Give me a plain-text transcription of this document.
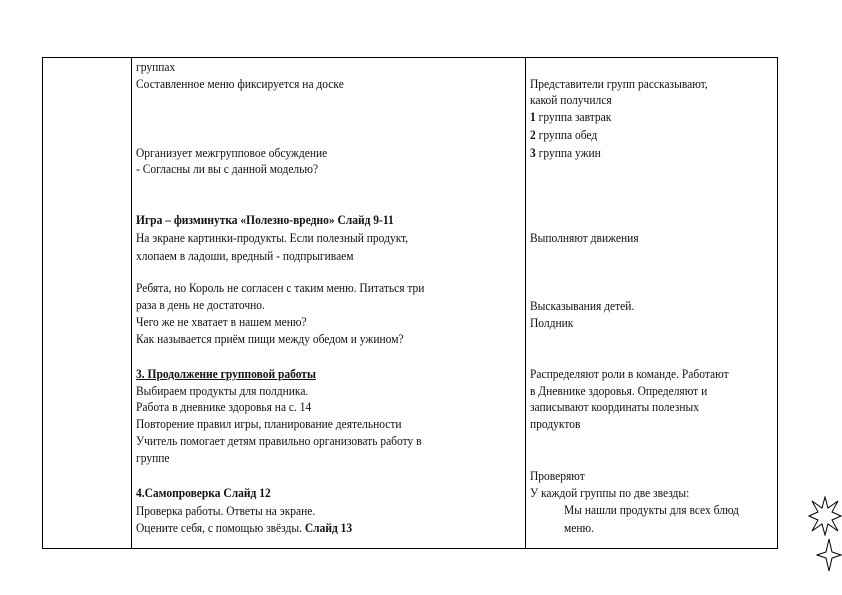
группах
Составленное меню фиксируется на доске
Организует межгрупповое обсуждение
- Согласны ли вы с данной моделью?
Игра – физминутка «Полезно-вредно» Слайд 9-11
На экране картинки-продукты. Если полезный продукт,
хлопаем в ладоши, вредный - подпрыгиваем
Ребята, но Король не согласен с таким меню. Питаться три
раза в день не достаточно.
Чего же не хватает в нашем меню?
Как называется приём пищи между обедом и ужином?
3. Продолжение групповой работы
Выбираем продукты для полдника.
Работа в дневнике здоровья на с. 14
Повторение правил игры, планирование деятельности
Учитель помогает детям правильно организовать работу в
группе
4.Самопроверка Слайд 12
Проверка работы. Ответы на экране.
Оцените себя, с помощью звёзды. Слайд 13
Представители групп рассказывают,
какой получился
1 группа завтрак
2 группа обед
3 группа ужин
Выполняют движения
Высказывания детей.
Полдник
Распределяют роли в команде. Работают
в Дневнике здоровья. Определяют и
записывают координаты полезных
продуктов
Проверяют
У каждой группы по две звезды:
Мы нашли продукты для всех блюд
меню.
